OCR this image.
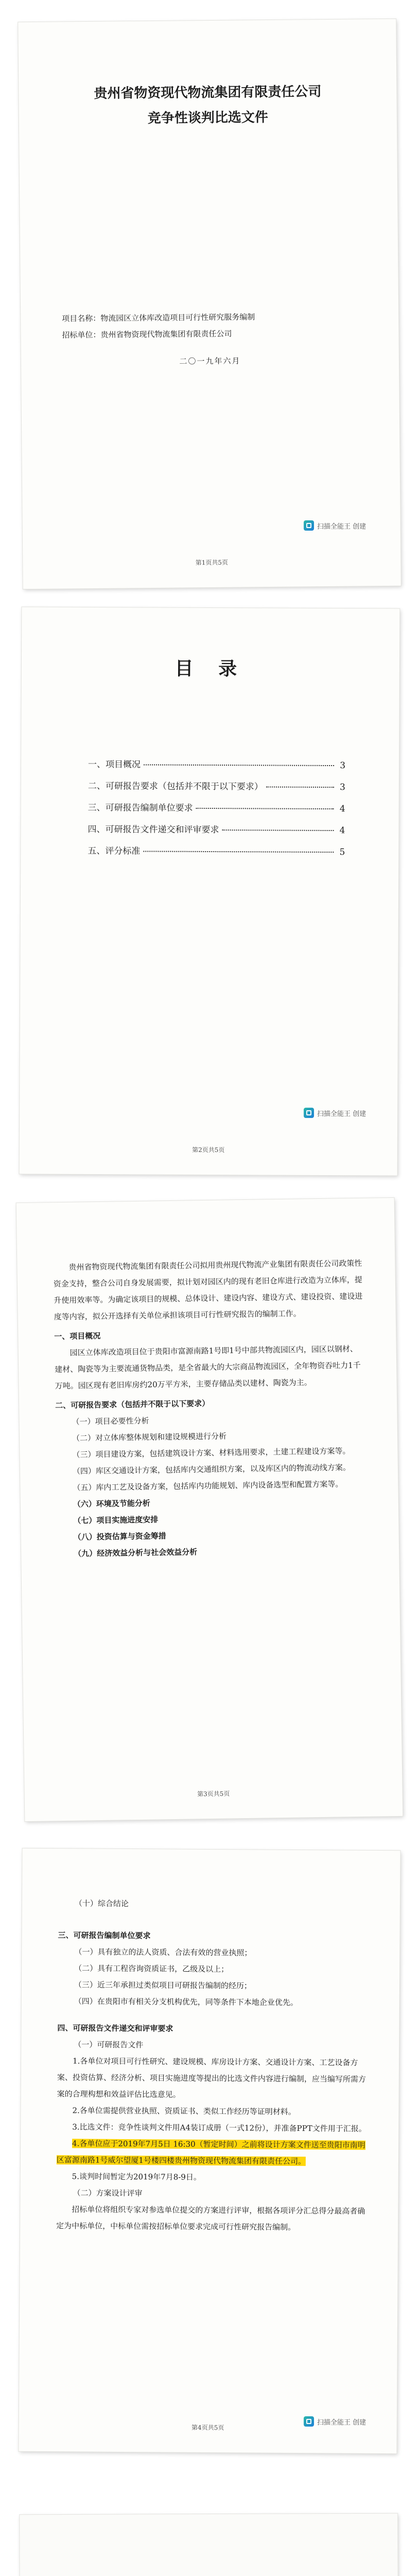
贵州省物资现代物流集团有限责任公司
竞争性谈判比选文件
项目名称：物流园区立体库改造项目可行性研究服务编制
招标单位：贵州省物资现代物流集团有限责任公司
二〇一九年六月
第1页共5页
扫描全能王 创建
目 录
一、项目概况	3
二、可研报告要求（包括并不限于以下要求）	3
三、可研报告编制单位要求	4
四、可研报告文件递交和评审要求	4
五、评分标准	5
第2页共5页
扫描全能王 创建

贵州省物资现代物流集团有限责任公司拟用贵州现代物流产业集团有限责任公司政策性资金支持，整合公司自身发展需要，拟计划对园区内的现有老旧仓库进行改造为立体库，提升使用效率等。为确定该项目的规模、总体设计、建设内容、建设方式、建设投资、建设进度等内容，拟公开选择有关单位承担该项目可行性研究报告的编制工作。

一、项目概况

园区立体库改造项目位于贵阳市富源南路1号即1号中部共物流园区内，园区以钢材、建材、陶瓷等为主要流通货物品类，是全省最大的大宗商品物流园区，全年物资吞吐力1千万吨。园区现有老旧库房约20万平方米，主要存储品类以建材、陶瓷为主。

二、可研报告要求（包括并不限于以下要求）

（一）项目必要性分析

（二）对立体库整体规划和建设规模进行分析

（三）项目建设方案，包括建筑设计方案、材料选用要求，土建工程建设方案等。

（四）库区交通设计方案，包括库内交通组织方案，以及库区内的物流动线方案。

（五）库内工艺及设备方案，包括库内功能规划、库内设备选型和配置方案等。

（六）环境及节能分析

（七）项目实施进度安排

（八）投资估算与资金筹措

（九）经济效益分析与社会效益分析

第3页共5页

（十）综合结论

三、可研报告编制单位要求

（一）具有独立的法人资质、合法有效的营业执照；

（二）具有工程咨询资质证书，乙级及以上；

（三）近三年承担过类似项目可研报告编制的经历；

（四）在贵阳市有相关分支机构优先，同等条件下本地企业优先。

四、可研报告文件递交和评审要求

（一）可研报告文件

1.各单位对项目可行性研究、建设规模、库房设计方案、交通设计方案、工艺设备方案、投资估算、经济分析、项目实施进度等提出的比选文件内容进行编制，应当编写所需方案的合理构想和效益评估比选意见。

2.各单位需提供营业执照、资质证书、类似工作经历等证明材料。

3.比选文件：竞争性谈判文件用A4装订成册（一式12份），并准备PPT文件用于汇报。

4.各单位应于2019年7月5日 16:30（暂定时间）之前将设计方案文件送至贵阳市南明区富源南路1号威尔望厦1号楼四楼贵州物资现代物流集团有限责任公司。

5.谈判时间暂定为2019年7月8-9日。

（二）方案设计评审

招标单位将组织专家对参选单位提交的方案进行评审，根据各项评分汇总得分最高者确定为中标单位，中标单位需按招标单位要求完成可行性研究报告编制。

第4页共5页
扫描全能王 创建
